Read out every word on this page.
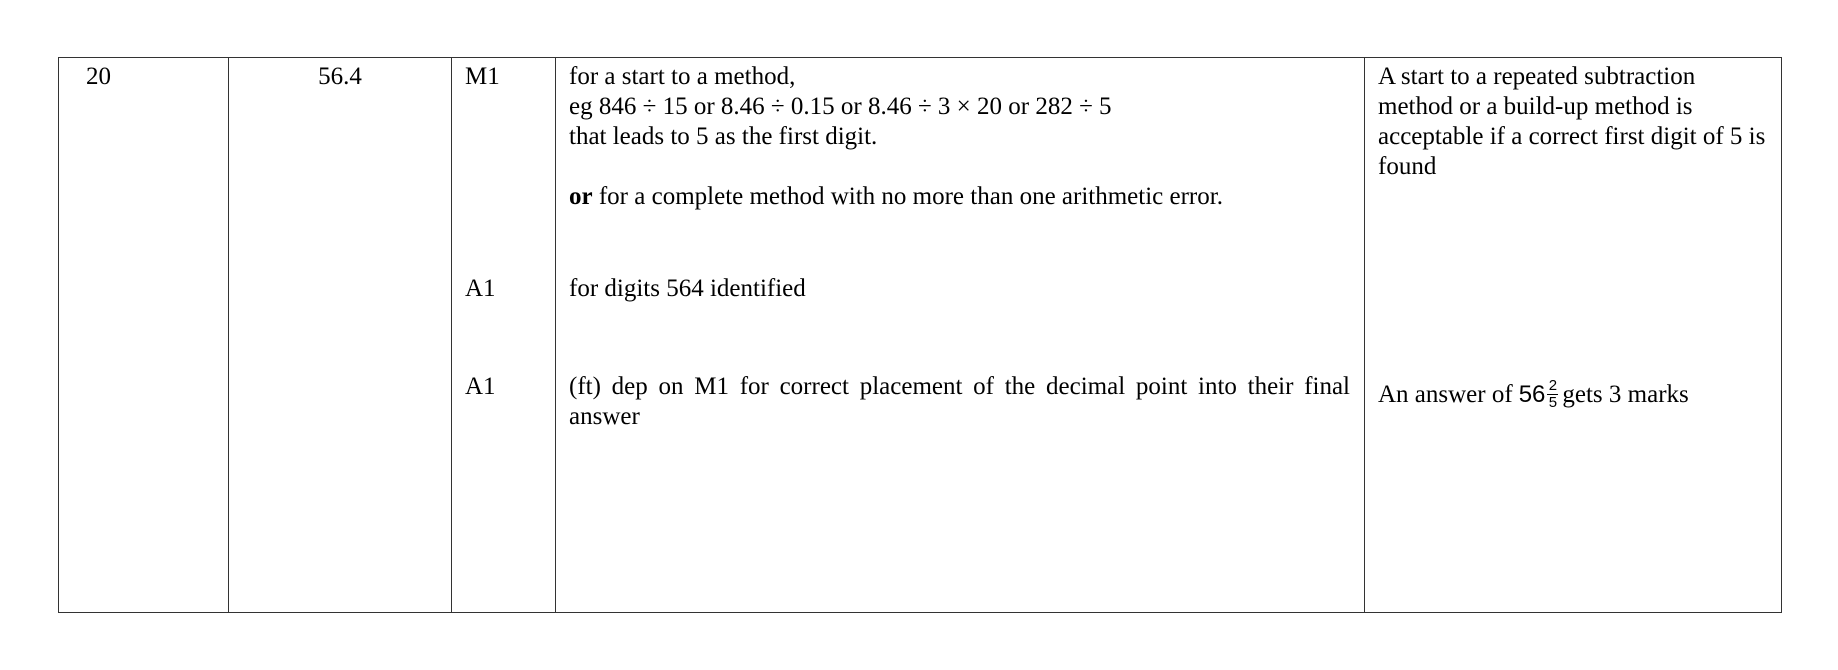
20	56.4	M1
A1
A1
for a start to a method,
eg 846 ÷ 15 or 8.46 ÷ 0.15 or 8.46 ÷ 3 × 20 or 282 ÷ 5
that leads to 5 as the first digit.
or for a complete method with no more than one arithmetic error.
for digits 564 identified
(ft) dep on M1 for correct placement of the decimal point into their final answer
A start to a repeated subtraction method or a build-up method is acceptable if a correct first digit of 5 is found
An answer of $56 \frac{2}{5}$ gets 3 marks
